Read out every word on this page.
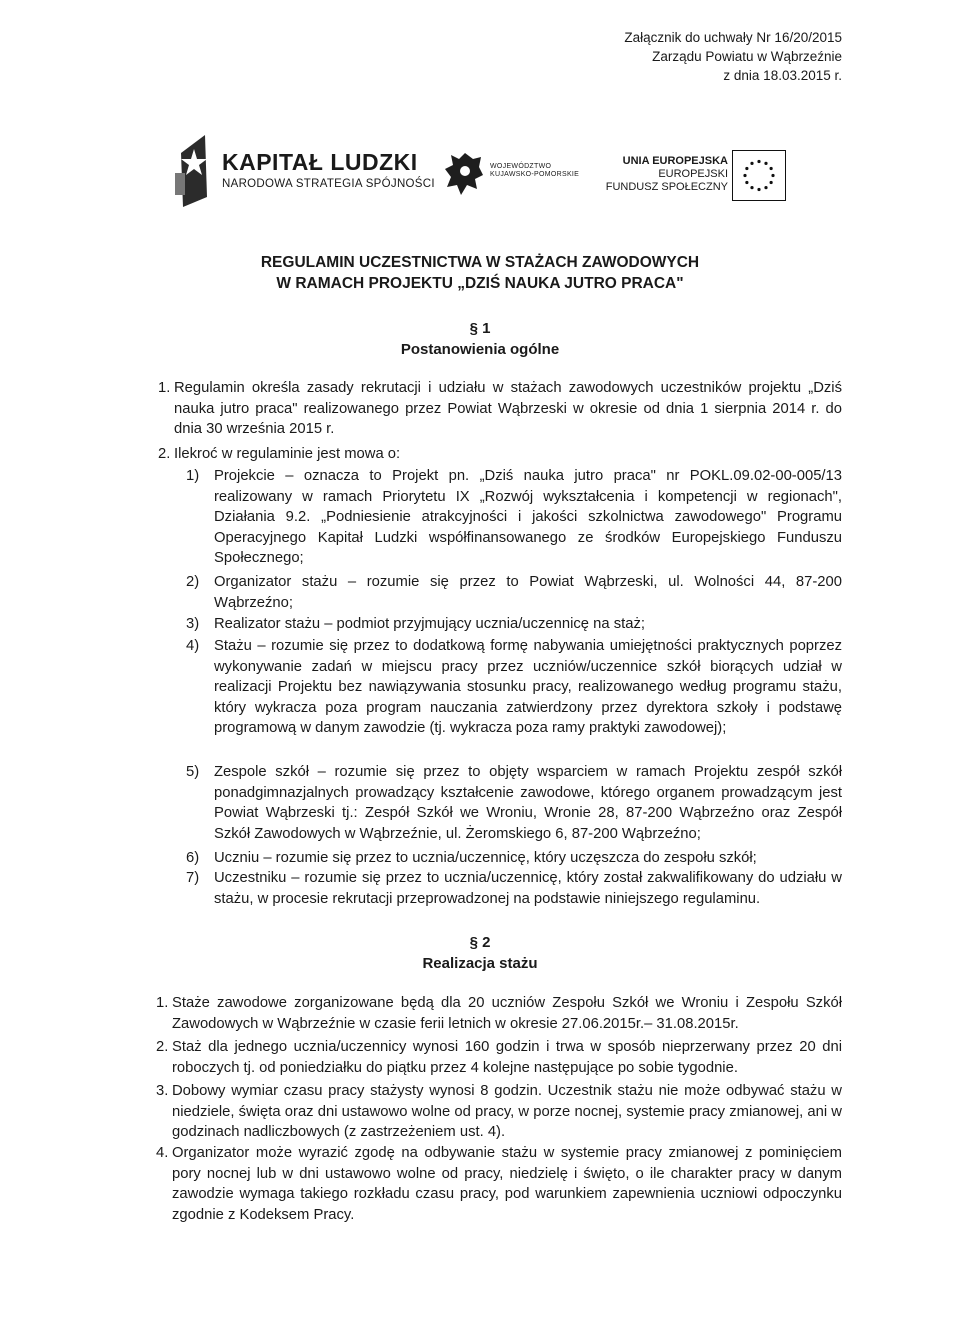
Załącznik do uchwały Nr 16/20/2015
Zarządu Powiatu w Wąbrzeźnie
z dnia 18.03.2015 r.
KAPITAŁ LUDZKI
NARODOWA STRATEGIA SPÓJNOŚCI
WOJEWÓDZTWO
KUJAWSKO-POMORSKIE
UNIA EUROPEJSKA
EUROPEJSKI
FUNDUSZ SPOŁECZNY
REGULAMIN UCZESTNICTWA W STAŻACH ZAWODOWYCH
W RAMACH PROJEKTU „DZIŚ NAUKA JUTRO PRACA"
§ 1
Postanowienia ogólne
1. Regulamin określa zasady rekrutacji i udziału w stażach zawodowych uczestników projektu „Dziś nauka jutro praca" realizowanego przez Powiat Wąbrzeski w okresie od dnia 1 sierpnia 2014 r. do dnia 30 września 2015 r.
2. Ilekroć w regulaminie jest mowa o:
1) Projekcie – oznacza to Projekt pn. „Dziś nauka jutro praca" nr POKL.09.02-00-005/13 realizowany w ramach Priorytetu IX „Rozwój wykształcenia i kompetencji w regionach", Działania 9.2. „Podniesienie atrakcyjności i jakości szkolnictwa zawodowego" Programu Operacyjnego Kapitał Ludzki współfinansowanego ze środków Europejskiego Funduszu Społecznego;
2) Organizator stażu – rozumie się przez to Powiat Wąbrzeski, ul. Wolności 44, 87-200 Wąbrzeźno;
3) Realizator stażu – podmiot przyjmujący ucznia/uczennicę na staż;
4) Stażu – rozumie się przez to dodatkową formę nabywania umiejętności praktycznych poprzez wykonywanie zadań w miejscu pracy przez uczniów/uczennice szkół biorących udział w realizacji Projektu bez nawiązywania stosunku pracy, realizowanego według programu stażu, który wykracza poza program nauczania zatwierdzony przez dyrektora szkoły i podstawę programową w danym zawodzie (tj. wykracza poza ramy praktyki zawodowej);
5) Zespole szkół – rozumie się przez to objęty wsparciem w ramach Projektu zespół szkół ponadgimnazjalnych prowadzący kształcenie zawodowe, którego organem prowadzącym jest Powiat Wąbrzeski tj.: Zespół Szkół we Wroniu, Wronie 28, 87-200 Wąbrzeźno oraz Zespół Szkół Zawodowych w Wąbrzeźnie, ul. Żeromskiego 6, 87-200 Wąbrzeźno;
6) Uczniu – rozumie się przez to ucznia/uczennicę, który uczęszcza do zespołu szkół;
7) Uczestniku – rozumie się przez to ucznia/uczennicę, który został zakwalifikowany do udziału w stażu, w procesie rekrutacji przeprowadzonej na podstawie niniejszego regulaminu.
§ 2
Realizacja stażu
1. Staże zawodowe zorganizowane będą dla 20 uczniów Zespołu Szkół we Wroniu i Zespołu Szkół Zawodowych w Wąbrzeźnie w czasie ferii letnich w okresie 27.06.2015r.– 31.08.2015r.
2. Staż dla jednego ucznia/uczennicy wynosi 160 godzin i trwa w sposób nieprzerwany przez 20 dni roboczych tj. od poniedziałku do piątku przez 4 kolejne następujące po sobie tygodnie.
3. Dobowy wymiar czasu pracy stażysty wynosi 8 godzin. Uczestnik stażu nie może odbywać stażu w niedziele, święta oraz dni ustawowo wolne od pracy, w porze nocnej, systemie pracy zmianowej, ani w godzinach nadliczbowych (z zastrzeżeniem ust. 4).
4. Organizator może wyrazić zgodę na odbywanie stażu w systemie pracy zmianowej z pominięciem pory nocnej lub w dni ustawowo wolne od pracy, niedzielę i święto, o ile charakter pracy w danym zawodzie wymaga takiego rozkładu czasu pracy, pod warunkiem zapewnienia uczniowi odpoczynku zgodnie z Kodeksem Pracy.
